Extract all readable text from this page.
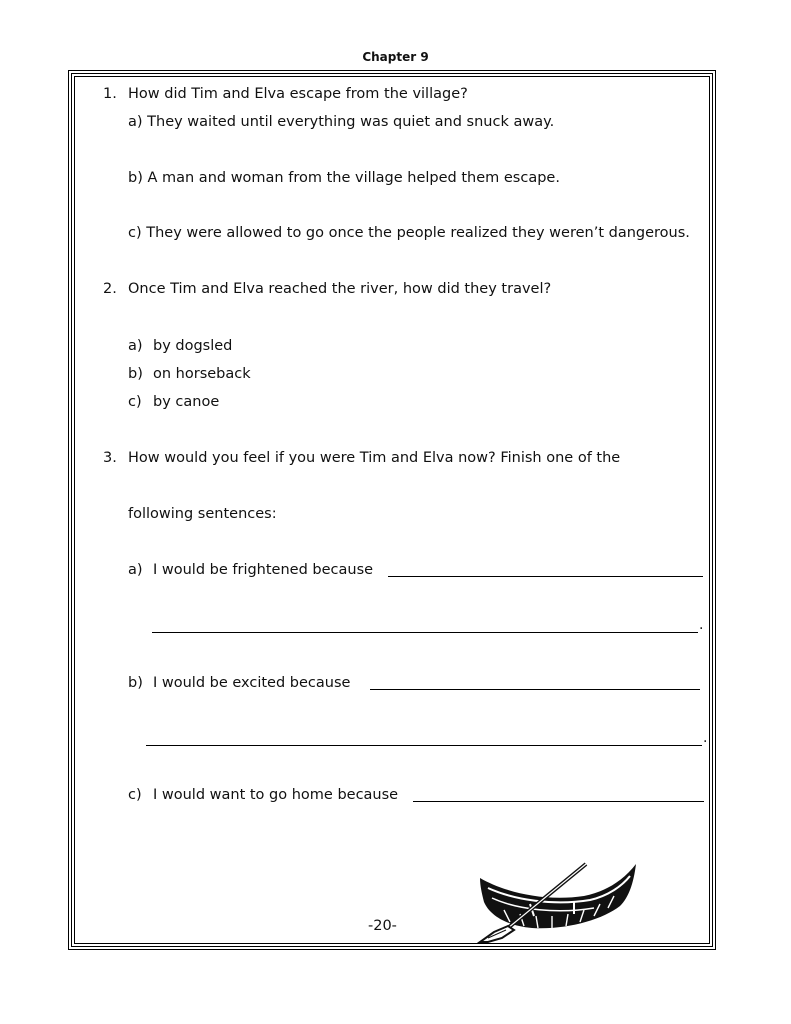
Chapter 9
1. How did Tim and Elva escape from the village?
a) They waited until everything was quiet and snuck away.
b) A man and woman from the village helped them escape.
c) They were allowed to go once the people realized they weren’t dangerous.
2. Once Tim and Elva reached the river, how did they travel?
a) by dogsled
b) on horseback
c) by canoe
3. How would you feel if you were Tim and Elva now? Finish one of the
following sentences:
a) I would be frightened because
.
b) I would be excited because
.
c) I would want to go home because
-20-
